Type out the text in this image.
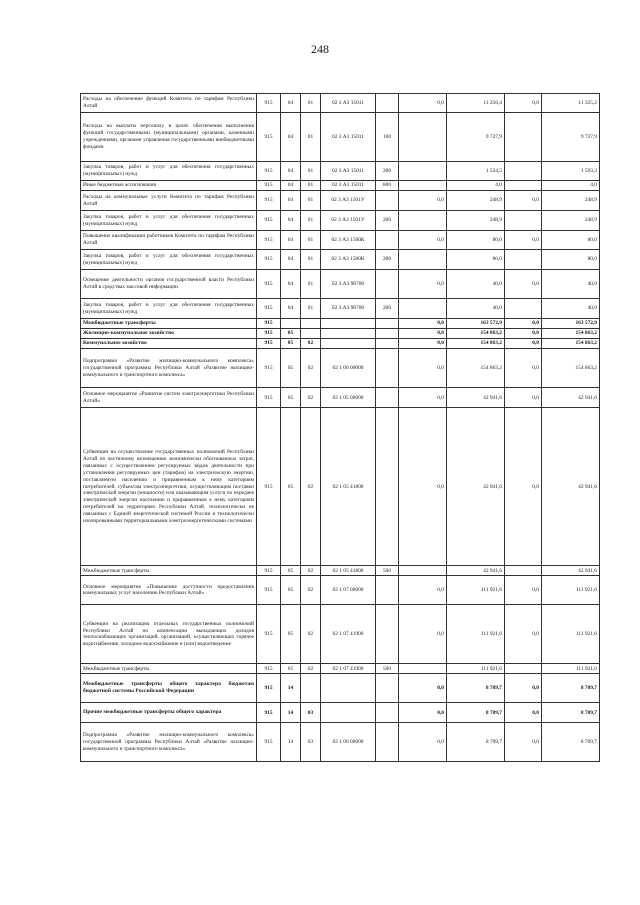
248
Расходы на обеспечение функций Комитета по тарифам Республики Алтай	915	04	01	02 3 А3 15011		0,0	11 256,4	0,0	11 325,2
Расходы на выплаты персоналу в целях обеспечения выполнения функций государственными (муниципальными) органами, казенными учреждениями, органами управления государственными внебюджетными фондами	915	04	01	02 3 А3 15011	100		9 727,9		9 727,9
Закупка товаров, работ и услуг для обеспечения государственных (муниципальных) нужд	915	04	01	02 3 А3 15011	200		1 524,5		1 593,3
Иные бюджетные ассигнования	915	04	01	02 3 А3 15011	800		4,0		4,0
Расходы на коммунальные услуги Комитета по тарифам Республики Алтай	915	04	01	02 3 А3 1501У		0,0	248,9	0,0	248,9
Закупка товаров, работ и услуг для обеспечения государственных (муниципальных) нужд	915	04	01	02 3 А3 1501У	200		248,9		248,9
Повышение квалификации работников Комитета по тарифам Республики Алтай	915	04	01	02 3 А3 1500К		0,0	80,0	0,0	80,0
Закупка товаров, работ и услуг для обеспечения государственных (муниципальных) нужд	915	04	01	02 3 А3 1500К	200		80,0		80,0
Освещение деятельности органов государственной власти Республики Алтай в средствах массовой информации	915	04	01	02 3 А3 98700		0,0	40,0	0,0	40,0
Закупка товаров, работ и услуг для обеспечения государственных (муниципальных) нужд	915	04	01	02 3 А3 98700	200		40,0		40,0
Межбюджетные трансферты	915					0,0	163 572,9	0,0	163 572,9
Жилищно-коммунальное хозяйство	915	05				0,0	154 863,2	0,0	154 863,2
Коммунальное хозяйство	915	05	02			0,0	154 863,2	0,0	154 863,2
Подпрограмма «Развитие жилищно-коммунального комплекса» государственной программы Республики Алтай «Развитие жилищно-коммунального и транспортного комплекса»	915	05	02	02 1 00 00000		0,0	154 863,2	0,0	154 863,2
Основное мероприятие «Развитие систем электроэнергетики Республики Алтай»	915	05	02	02 1 05 00000		0,0	42 941,6	0,0	42 941,6
Субвенции на осуществление государственных полномочий Республики Алтай по частичному возмещению экономически обоснованных затрат, связанных с осуществлением регулируемых видов деятельности при установлении регулируемых цен (тарифов) на электрическую энергию, поставляемую населению и приравненным к нему категориям потребителей, субъектам электроэнергетики, осуществляющим поставки электрической энергии (мощности) или оказывающим услуги по передаче электрической энергии населению и приравненным к нему категориям потребителей на территориях Республики Алтай, технологически не связанных с Единой энергетической системой России и технологически изолированными территориальными электроэнергетическими системами	915	05	02	02 1 05 41800		0,0	42 941,6	0,0	42 941,6
Межбюджетные трансферты	915	05	02	02 1 05 41800	500		42 941,6		42 941,6
Основное мероприятие «Повышение доступности предоставления коммунальных услуг населению Республики Алтай»	915	05	02	02 1 07 00000		0,0	111 921,6	0,0	111 921,6
Субвенции на реализацию отдельных государственных полномочий Республики Алтай по компенсации выпадающих доходов теплоснабжающих организаций, организаций, осуществляющих горячее водоснабжение, холодное водоснабжение и (или) водоотведение	915	05	02	02 1 07 41900		0,0	111 921,6	0,0	111 921,6
Межбюджетные трансферты	915	05	02	02 1 07 41900	500		111 921,6		111 921,6
Межбюджетные трансферты общего характера бюджетам бюджетной системы Российской Федерации	915	14				0,0	8 709,7	0,0	8 709,7
Прочие межбюджетные трансферты общего характера	915	14	03			0,0	8 709,7	0,0	8 709,7
Подпрограмма «Развитие жилищно-коммунального комплекса» государственной программы Республики Алтай «Развитие жилищно-коммунального и транспортного комплекса»	915	14	03	02 1 00 00000		0,0	8 709,7	0,0	8 709,7
